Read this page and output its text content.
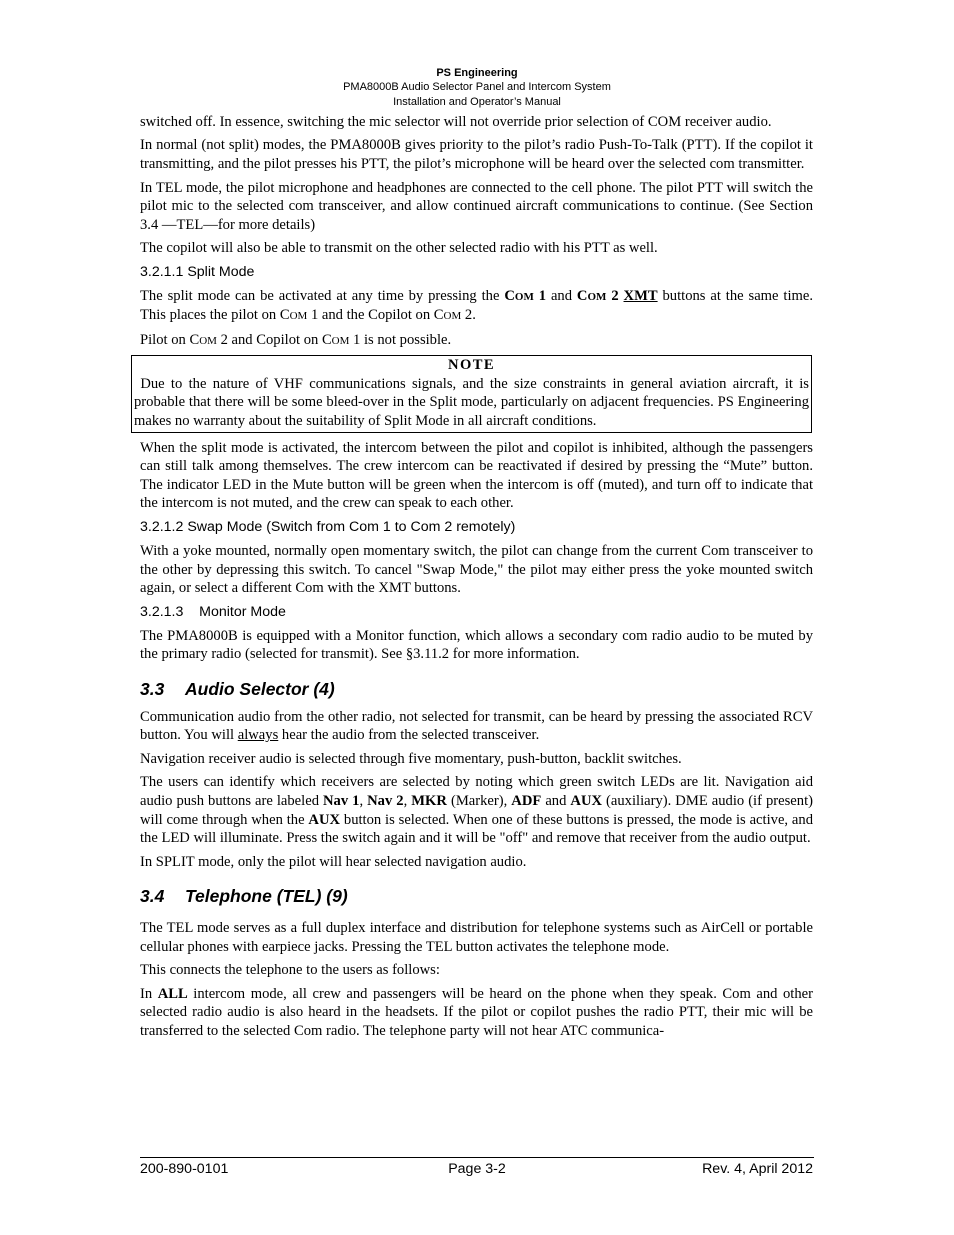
PS Engineering
PMA8000B Audio Selector Panel and Intercom System
Installation and Operator’s Manual

switched off. In essence, switching the mic selector will not override prior selection of COM receiver audio.

In normal (not split) modes, the PMA8000B gives priority to the pilot’s radio Push-To-Talk (PTT). If the copilot it transmitting, and the pilot presses his PTT, the pilot’s microphone will be heard over the selected com transmitter.

In TEL mode, the pilot microphone and headphones are connected to the cell phone. The pilot PTT will switch the pilot mic to the selected com transceiver, and allow continued aircraft communications to continue. (See Section 3.4 —TEL—for more details)

The copilot will also be able to transmit on the other selected radio with his PTT as well.

3.2.1.1 Split Mode

The split mode can be activated at any time by pressing the COM 1 and COM 2 XMT buttons at the same time. This places the pilot on COM 1 and the Copilot on COM 2.

Pilot on COM 2 and Copilot on COM 1 is not possible.

NOTE
Due to the nature of VHF communications signals, and the size constraints in general aviation aircraft, it is probable that there will be some bleed-over in the Split mode, particularly on adjacent frequencies. PS Engineering makes no warranty about the suitability of Split Mode in all aircraft conditions.

When the split mode is activated, the intercom between the pilot and copilot is inhibited, although the passengers can still talk among themselves. The crew intercom can be reactivated if desired by pressing the “Mute” button. The indicator LED in the Mute button will be green when the intercom is off (muted), and turn off to indicate that the intercom is not muted, and the crew can speak to each other.

3.2.1.2 Swap Mode (Switch from Com 1 to Com 2 remotely)

With a yoke mounted, normally open momentary switch, the pilot can change from the current Com transceiver to the other by depressing this switch. To cancel "Swap Mode," the pilot may either press the yoke mounted switch again, or select a different Com with the XMT buttons.

3.2.1.3    Monitor Mode

The PMA8000B is equipped with a Monitor function, which allows a secondary com radio audio to be muted by the primary radio (selected for transmit). See §3.11.2 for more information.

3.3 Audio Selector (4)

Communication audio from the other radio, not selected for transmit, can be heard by pressing the associated RCV button. You will always hear the audio from the selected transceiver.

Navigation receiver audio is selected through five momentary, push-button, backlit switches.

The users can identify which receivers are selected by noting which green switch LEDs are lit. Navigation aid audio push buttons are labeled Nav 1, Nav 2, MKR (Marker), ADF and AUX (auxiliary). DME audio (if present) will come through when the AUX button is selected. When one of these buttons is pressed, the mode is active, and the LED will illuminate. Press the switch again and it will be "off" and remove that receiver from the audio output.

In SPLIT mode, only the pilot will hear selected navigation audio.

3.4 Telephone (TEL) (9)

The TEL mode serves as a full duplex interface and distribution for telephone systems such as AirCell or portable cellular phones with earpiece jacks. Pressing the TEL button activates the telephone mode.

This connects the telephone to the users as follows:

In ALL intercom mode, all crew and passengers will be heard on the phone when they speak. Com and other selected radio audio is also heard in the headsets. If the pilot or copilot pushes the radio PTT, their mic will be transferred to the selected Com radio. The telephone party will not hear ATC communica-

200-890-0101	Page 3-2	Rev. 4, April 2012
